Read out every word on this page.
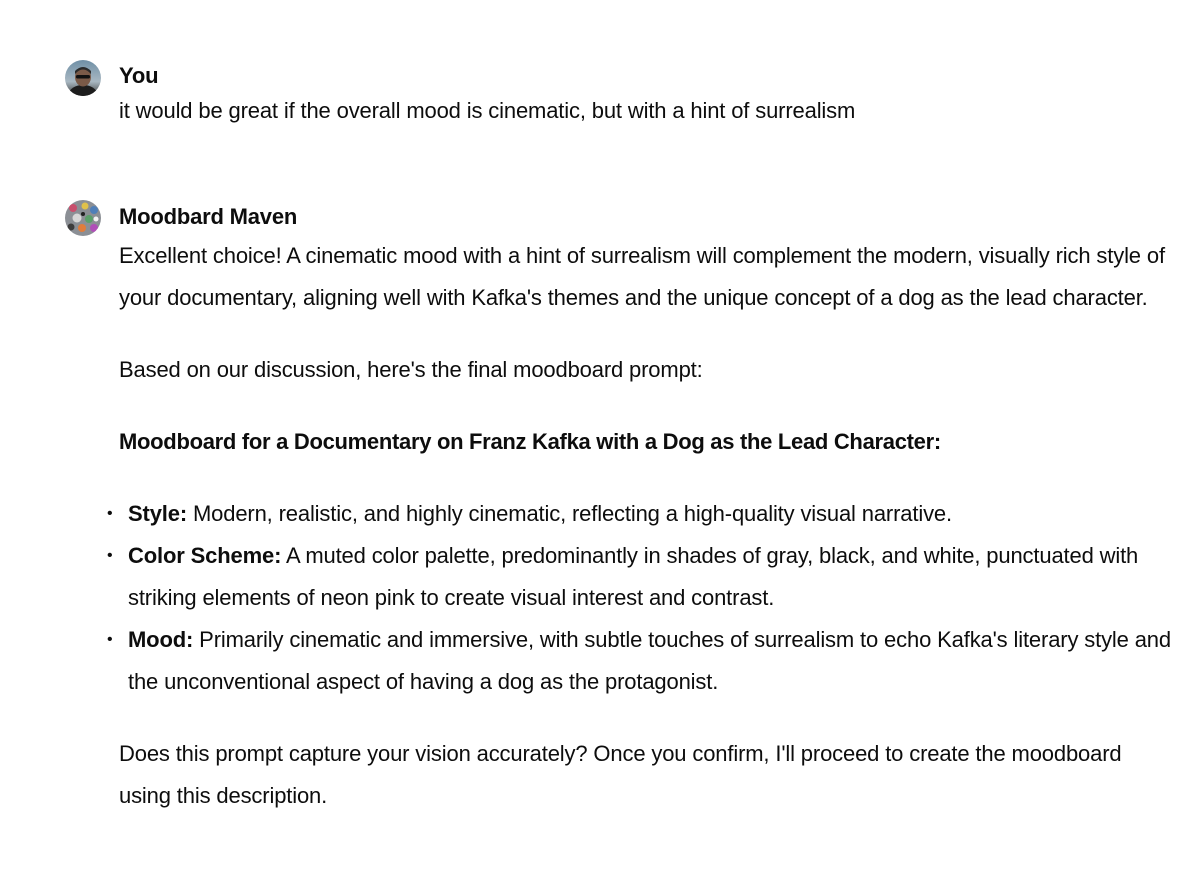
You
it would be great if the overall mood is cinematic, but with a hint of surrealism
Moodbard Maven

Excellent choice! A cinematic mood with a hint of surrealism will complement the modern, visually rich style of your documentary, aligning well with Kafka's themes and the unique concept of a dog as the lead character.

Based on our discussion, here's the final moodboard prompt:

Moodboard for a Documentary on Franz Kafka with a Dog as the Lead Character:

• Style: Modern, realistic, and highly cinematic, reflecting a high-quality visual narrative.
• Color Scheme: A muted color palette, predominantly in shades of gray, black, and white, punctuated with striking elements of neon pink to create visual interest and contrast.
• Mood: Primarily cinematic and immersive, with subtle touches of surrealism to echo Kafka's literary style and the unconventional aspect of having a dog as the protagonist.

Does this prompt capture your vision accurately? Once you confirm, I'll proceed to create the moodboard using this description.
